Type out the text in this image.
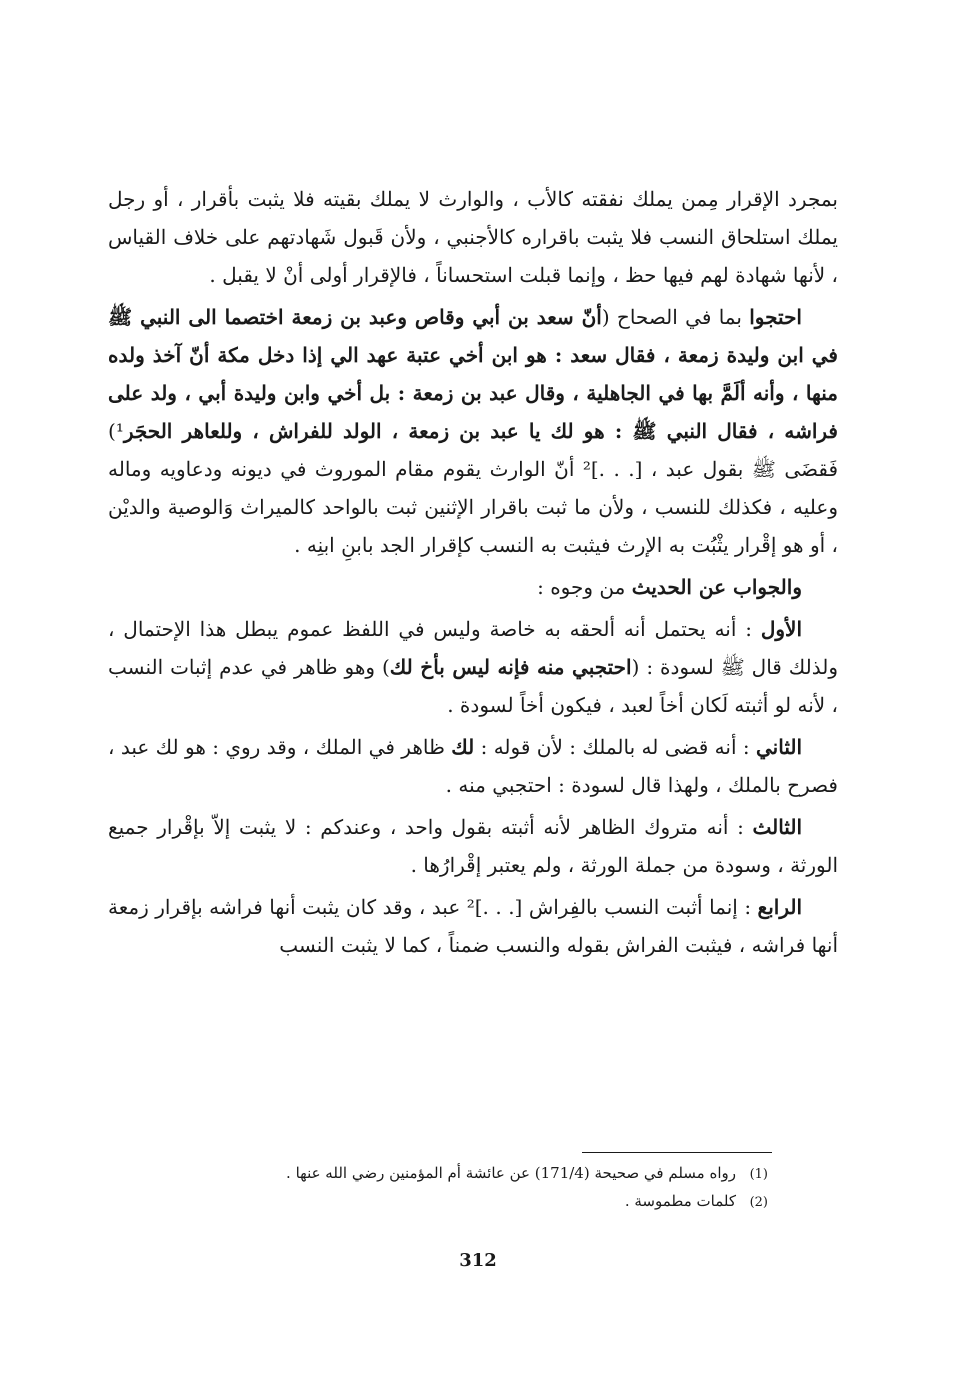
بمجرد الإقرار مِمن يملك نفقته كالأب ، والوارث لا يملك بقيته فلا يثبت بأقرار ، أو رجل يملك استلحاق النسب فلا يثبت باقراره كالأجنبي ، ولأن قَبول شَهادتهم على خلاف القياس ، لأنها شهادة لهم فيها حظ ، وإنما قبلت استحساناً ، فالإقرار أولى أنْ لا يقبل .

احتجوا بما في الصحاح (أنّ سعد بن أبي وقاص وعبد بن زمعة اختصما الى النبي ﷺ في ابن وليدة زمعة ، فقال سعد : هو ابن أخي عتبة عهد الي إذا دخل مكة أنّ آخذ ولده منها ، وأنه ألَمَّ بها في الجاهلية ، وقال عبد بن زمعة : بل أخي وابن وليدة أبي ، ولد على فراشه ، فقال النبي ﷺ : هو لك يا عبد بن زمعة ، الولد للفراش ، وللعاهر الحجَر¹) فَقضَى ﷺ بقول عبد ، [. . .]² أنّ الوارث يقوم مقام الموروث في ديونه ودعاويه وماله وعليه ، فكذلك للنسب ، ولأن ما ثبت باقرار الإثنين ثبت بالواحد كالميراث وَالوصية والديْن ، أو هو إقْرار يثْبُت به الإرث فيثبت به النسب كإقرار الجد بابنِ ابنِه .

والجواب عن الحديث من وجوه :

الأول : أنه يحتمل أنه ألحقه به خاصة وليس في اللفظ عموم يبطل هذا الإحتمال ، ولذلك قال ﷺ لسودة : (احتجبي منه فإنه ليس بأخ لك) وهو ظاهر في عدم إثبات النسب ، لأنه لو أثبته لَكان أخاً لعبد ، فيكون أخاً لسودة .

الثاني : أنه قضى له بالملك : لأن قوله : لك ظاهر في الملك ، وقد روي : هو لك عبد ، فصرح بالملك ، ولهذا قال لسودة : احتجبي منه .

الثالث : أنه متروك الظاهر لأنه أثبته بقول واحد ، وعندكم : لا يثبت إلاّ بإقْرار جميع الورثة ، وسودة من جملة الورثة ، ولم يعتبر إقْرارُها .

الرابع : إنما أثبت النسب بالفِراش [. . .]² عبد ، وقد كان يثبت أنها فراشه بإقرار زمعة أنها فراشه ، فيثبت الفراش بقوله والنسب ضمناً ، كما لا يثبت النسب

(1)رواه مسلم في صحيحة (171/4) عن عائشة أم المؤمنين رضي الله عنها .

(2)كلمات مطموسة .

312
